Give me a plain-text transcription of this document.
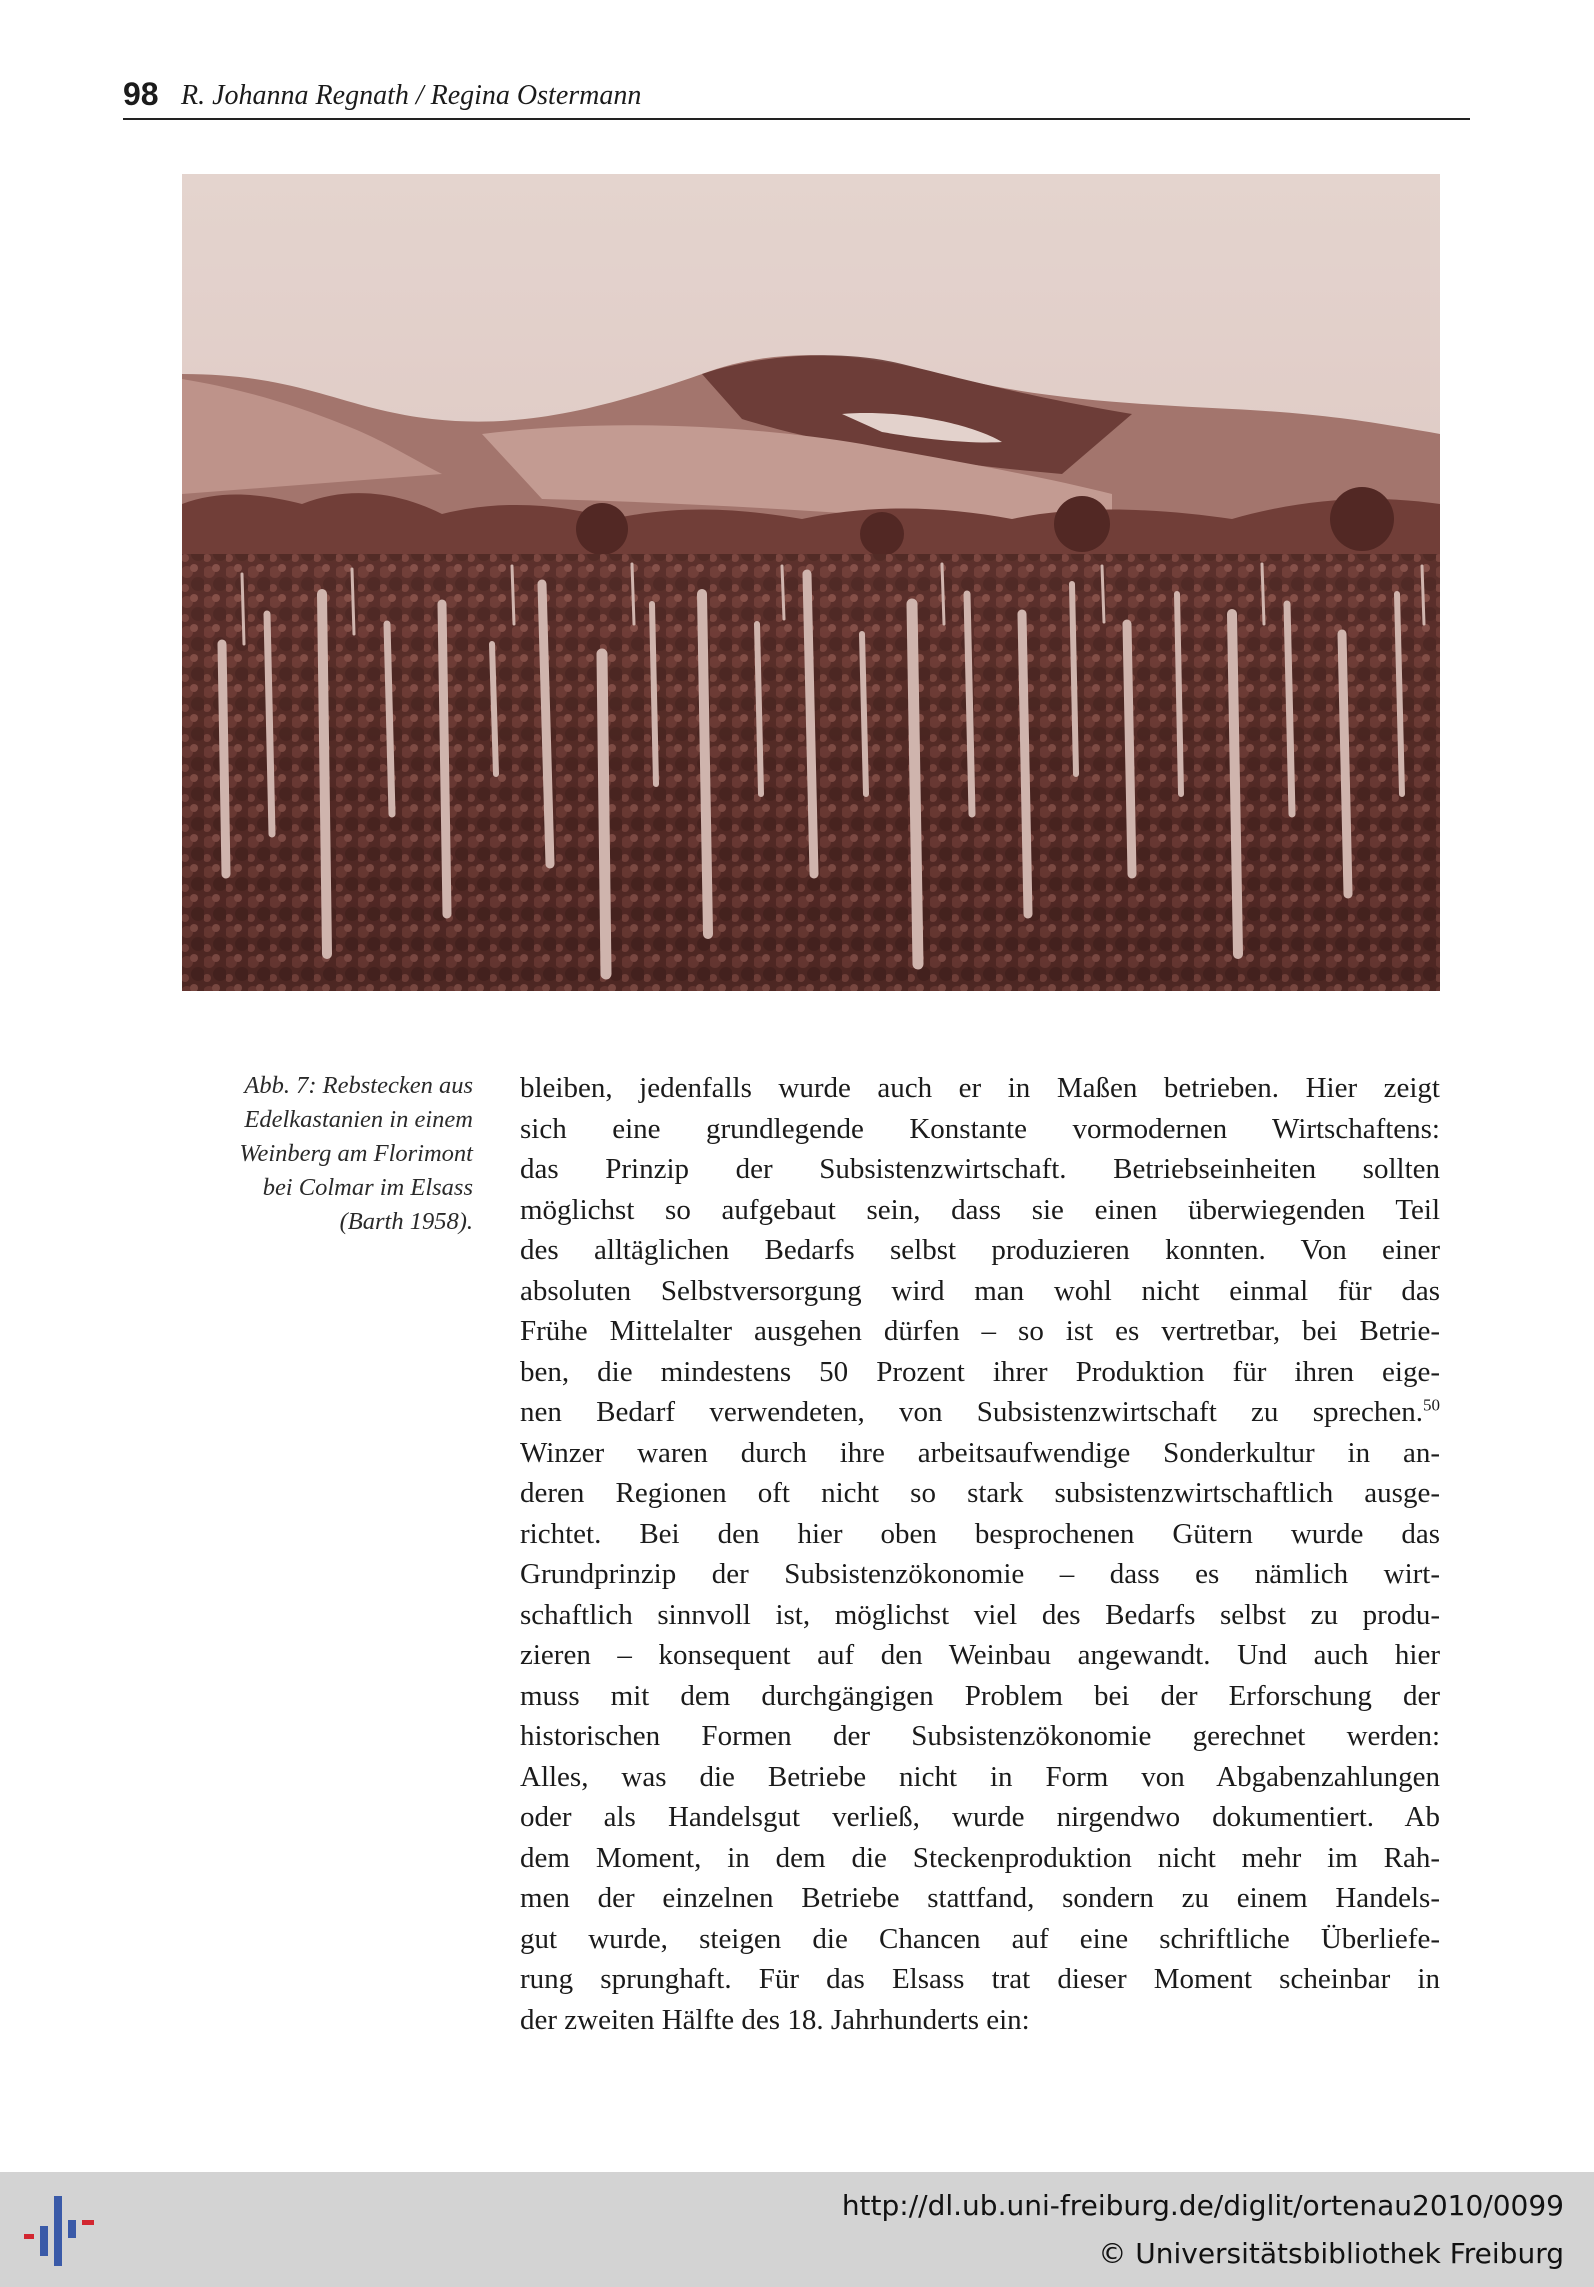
98 R. Johanna Regnath / Regina Ostermann

Abb. 7: Rebstecken aus

Edelkastanien in einem

Weinberg am Florimont

bei Colmar im Elsass

(Barth 1958).

bleiben, jedenfalls wurde auch er in Maßen betrieben. Hier zeigt
sich eine grundlegende Konstante vormodernen Wirtschaftens:
das Prinzip der Subsistenzwirtschaft. Betriebseinheiten sollten
möglichst so aufgebaut sein, dass sie einen überwiegenden Teil
des alltäglichen Bedarfs selbst produzieren konnten. Von einer
absoluten Selbstversorgung wird man wohl nicht einmal für das
Frühe Mittelalter ausgehen dürfen – so ist es vertretbar, bei Betrie-
ben, die mindestens 50 Prozent ihrer Produktion für ihren eige-
nen Bedarf verwendeten, von Subsistenzwirtschaft zu sprechen.$^{50}$
Winzer waren durch ihre arbeitsaufwendige Sonderkultur in an-
deren Regionen oft nicht so stark subsistenzwirtschaftlich ausge-
richtet. Bei den hier oben besprochenen Gütern wurde das
Grundprinzip der Subsistenzökonomie – dass es nämlich wirt-
schaftlich sinnvoll ist, möglichst viel des Bedarfs selbst zu produ-
zieren – konsequent auf den Weinbau angewandt. Und auch hier
muss mit dem durchgängigen Problem bei der Erforschung der
historischen Formen der Subsistenzökonomie gerechnet werden:
Alles, was die Betriebe nicht in Form von Abgabenzahlungen
oder als Handelsgut verließ, wurde nirgendwo dokumentiert. Ab
dem Moment, in dem die Steckenproduktion nicht mehr im Rah-
men der einzelnen Betriebe stattfand, sondern zu einem Handels-
gut wurde, steigen die Chancen auf eine schriftliche Überliefe-
rung sprunghaft. Für das Elsass trat dieser Moment scheinbar in
der zweiten Hälfte des 18. Jahrhunderts ein:
http://dl.ub.uni-freiburg.de/diglit/ortenau2010/0099
© Universitätsbibliothek Freiburg
